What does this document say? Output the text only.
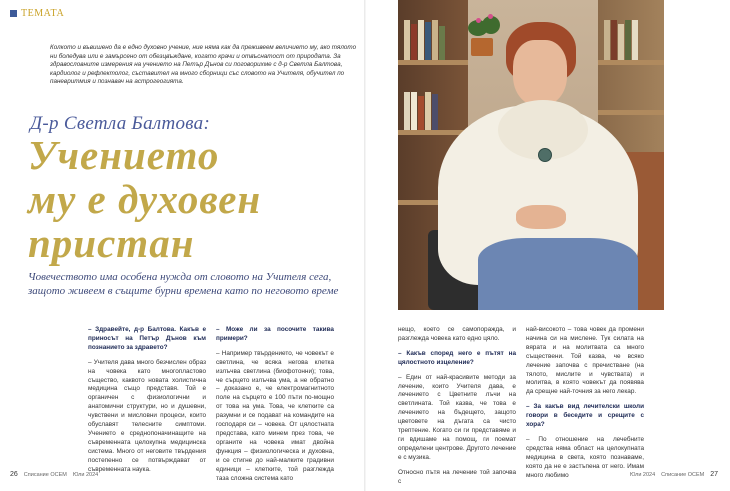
ТЕМАТА

Колкото и въвишено да е едно духовно учение, ние няма как да преживеем величието му, ако тялото ни боледува или е замърсено от обезцвъждане, когато крачи и отвъснатост от природата. За здравословните измерения на учението на Петър Дънов си поговорихме с д-р Светла Балтова, кардиолог и рефлектолог, съставител на много сборници със словото на Учителя, обучител по паневритмия и познавач на астрогеогията.

Д-р Светла Балтова:
Учението
му е духовен
пристан

Човечеството има особена нужда от словото на Учителя сега, защото живеем в същите бурни времена като по неговото време

– Здравейте, д-р Балтова. Какъв е приносът на Петър Дънов към познанието за здравето?

– Учителя дава много безчислен образ на човека като многопластово същество, каквото новата холистична медицина също представя. Той е органичен с физиологични и анатомични структури, но и душевни, чувствени и мисловни процеси, които обуславят телесните симптоми. Учението е среднопоначинащите на съвременната целокупна медицинска система. Много от неговите твърдения постепенно се потвърждават от съвременната наука.

– Може ли за посочите такива примери?

– Например твърдението, че човекът е светлина, че всяка негова клетка излъчва светлина (биофотонни); това, че сърцето излъчва ума, а не обратно – доказано е, че електромагнитното поле на сърцето е 100 пъти по-мощно от това на ума. Това, че клетките са разумни и се подават на командите на господаря си – човека. От цялостната представа, като минем през това, че органите на човека имат двойна функция – физиологическа и духовна, и се стигне до най-малките градивни единици – клетките, той разглежда таза сложна система като

нещо, което се самопоражда, и разглежда човека като едно цяло.

– Какъв според него е пътят на цялостното изцеление?

– Един от най-красивите методи за лечение, които Учителя дава, е лечението с Цветните лъчи на светлината. Той казва, че това е лечението на бъдещето, защото цветовете на дъгата са чисто трептение. Когато си ги представяме и ги вдишаме на помощ, ги поемат определени центрове. Другото лечение е с музика.

Относно пътя на лечение той започва с

най-високото – това човек да промени начина си на мислене. Тук силата на вярата и на молитвата са много съществени. Той казва, че всяко лечение започва с пречистване (на тялото, мислите и чувствата) и молитва, в която човекът да появява да срещне най-точния за него лекар.

– За какъв вид лечителски школи говори в беседите и срещите с хора?

– По отношение на лечебните средства няма област на целокупната медицина в света, която познаваме, която да не е застъпена от него. Имам много любимо

26 Списание ОСЕМ Юли 2024	Юли 2024 Списание ОСЕМ 27
